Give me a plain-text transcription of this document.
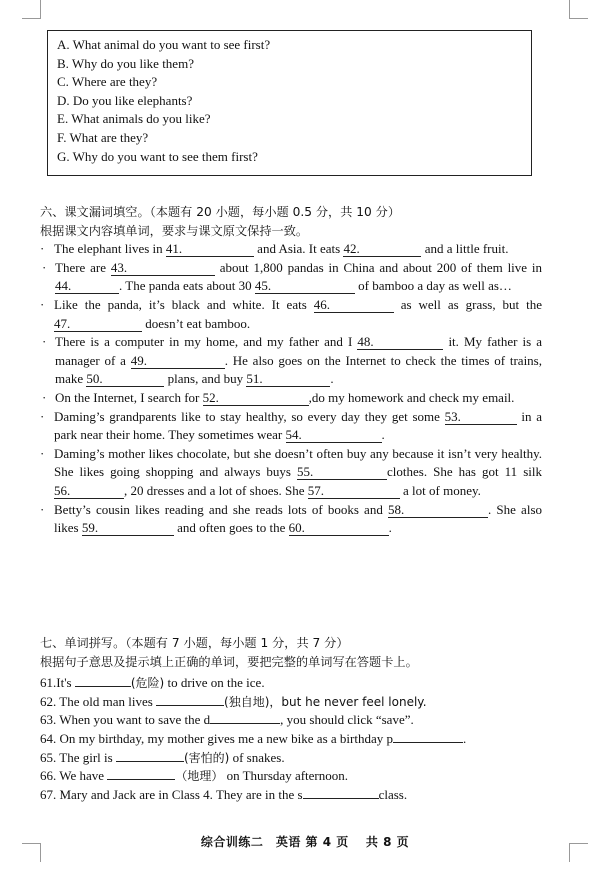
A. What animal do you want to see first?
B. Why do you like them?
C. Where are they?
D. Do you like elephants?
E. What animals do you like?
F. What are they?
G. Why do you want to see them first?
六、课文漏词填空。（本题有 20 小题，每小题 0.5 分，共 10 分）
根据课文内容填单词，要求与课文原文保持一致。
· The elephant lives in 41.	and Asia. It eats 42.	and a little fruit.
· There are 43.	about 1,800 pandas in China and about 200 of them live in 44.	. The panda eats about 30 45.	of bamboo a day as well as…
· Like the panda, it’s black and white. It eats 46.	as well as grass, but the 47.	doesn’t eat bamboo.
· There is a computer in my home, and my father and I 48.	it. My father is a manager of a 49.	. He also goes on the Internet to check the times of trains, make 50.	plans, and buy 51.	.
· On the Internet, I search for 52.	,do my homework and check my email.
· Daming’s grandparents like to stay healthy, so every day they get some 53.	in a park near their home. They sometimes wear 54.	.
· Daming’s mother likes chocolate, but she doesn’t often buy any because it isn’t very healthy. She likes going shopping and always buys 55.	clothes. She has got 11 silk 56.	, 20 dresses and a lot of shoes. She 57.	a lot of money.
· Betty’s cousin likes reading and she reads lots of books and 58.	. She also likes 59.	and often goes to the 60.	.
七、单词拼写。（本题有 7 小题，每小题 1 分，共 7 分）
根据句子意思及提示填上正确的单词，要把完整的单词写在答题卡上。
61.It's	(危险) to drive on the ice.
62. The old man lives	(独自地)，but he never feel lonely.
63. When you want to save the d	, you should click “save”.
64. On my birthday, my mother gives me a new bike as a birthday p	.
65. The girl is	(害怕的) of snakes.
66. We have	（地理） on Thursday afternoon.
67. Mary and Jack are in Class 4. They are in the s	class.
综合训练二　英语 第 4 页　 共 8 页
